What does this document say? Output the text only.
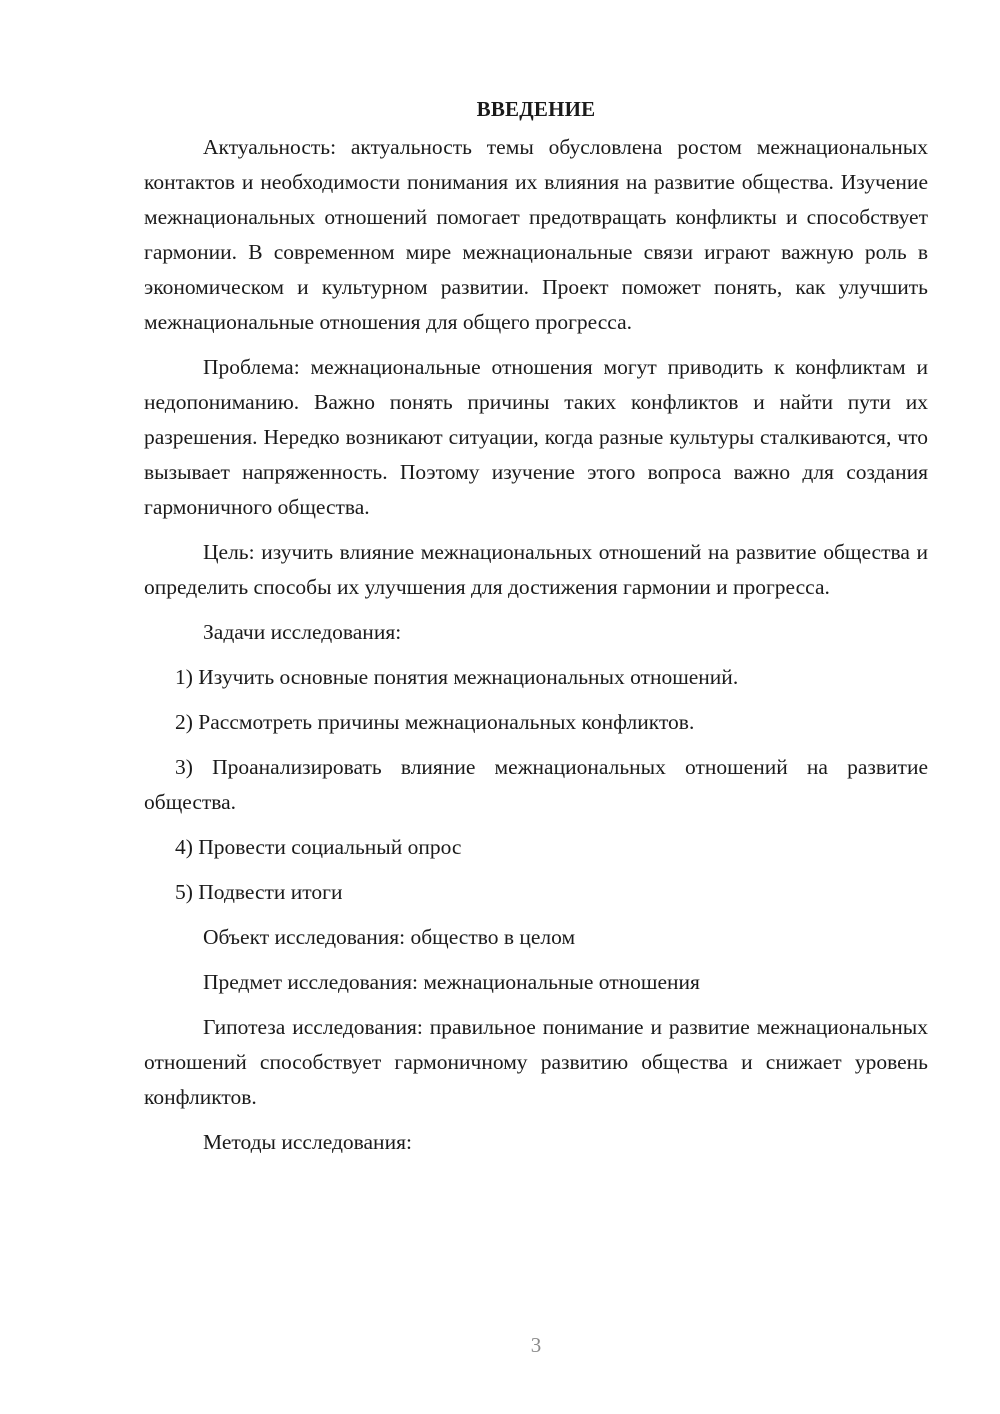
ВВЕДЕНИЕ

Актуальность: актуальность темы обусловлена ростом межнациональных контактов и необходимости понимания их влияния на развитие общества. Изучение межнациональных отношений помогает предотвращать конфликты и способствует гармонии. В современном мире межнациональные связи играют важную роль в экономическом и культурном развитии. Проект поможет понять, как улучшить межнациональные отношения для общего прогресса.

Проблема: межнациональные отношения могут приводить к конфликтам и недопониманию. Важно понять причины таких конфликтов и найти пути их разрешения. Нередко возникают ситуации, когда разные культуры сталкиваются, что вызывает напряженность. Поэтому изучение этого вопроса важно для создания гармоничного общества.

Цель: изучить влияние межнациональных отношений на развитие общества и определить способы их улучшения для достижения гармонии и прогресса.

Задачи исследования:

1) Изучить основные понятия межнациональных отношений.

2) Рассмотреть причины межнациональных конфликтов.

3) Проанализировать влияние межнациональных отношений на развитие общества.

4) Провести социальный опрос

5) Подвести итоги

Объект исследования: общество в целом

Предмет исследования: межнациональные отношения

Гипотеза исследования: правильное понимание и развитие межнациональных отношений способствует гармоничному развитию общества и снижает уровень конфликтов.

Методы исследования:

3
